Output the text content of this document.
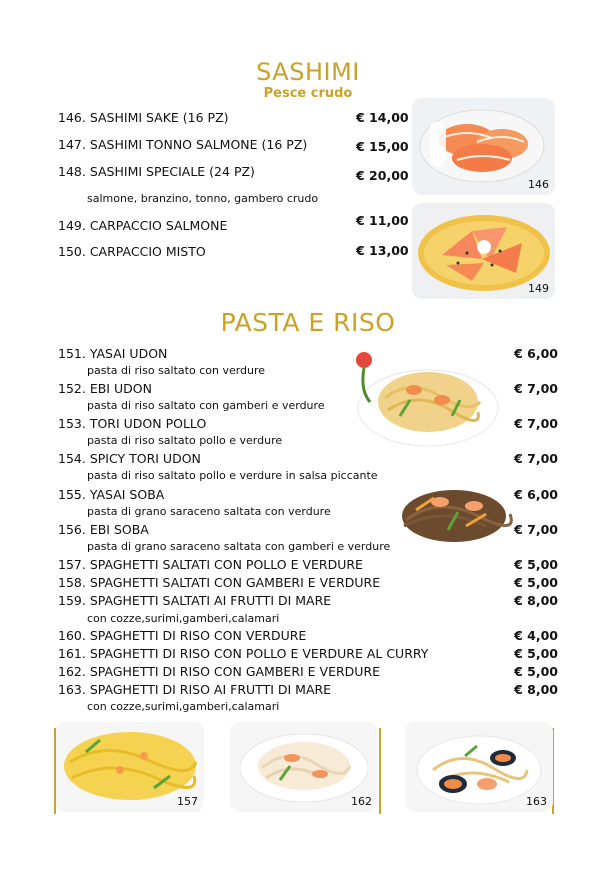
SASHIMI
Pesce crudo
146. SASHIMI SAKE (16 PZ)	€ 14,00
147. SASHIMI TONNO SALMONE (16 PZ)	€ 15,00
148. SASHIMI SPECIALE (24 PZ)	€ 20,00
salmone, branzino, tonno, gambero crudo
149. CARPACCIO SALMONE	€ 11,00
150. CARPACCIO MISTO	€ 13,00
146
149
PASTA E RISO
151. YASAI UDON	€ 6,00
pasta di riso saltato con verdure
152. EBI UDON	€ 7,00
pasta di riso saltato con gamberi e verdure
153. TORI UDON POLLO	€ 7,00
pasta di riso saltato pollo e verdure
154. SPICY TORI UDON	€ 7,00
pasta di riso saltato pollo e verdure in salsa piccante
155. YASAI SOBA	€ 6,00
pasta di grano saraceno saltata con verdure
156. EBI SOBA	€ 7,00
pasta di grano saraceno saltata con gamberi e verdure
157. SPAGHETTI SALTATI CON POLLO E VERDURE	€ 5,00
158. SPAGHETTI SALTATI CON GAMBERI E VERDURE	€ 5,00
159. SPAGHETTI SALTATI AI FRUTTI DI MARE	€ 8,00
con cozze,surimi,gamberi,calamari
160. SPAGHETTI DI RISO CON VERDURE	€ 4,00
161. SPAGHETTI DI RISO CON POLLO E VERDURE AL CURRY	€ 5,00
162. SPAGHETTI DI RISO CON GAMBERI E VERDURE	€ 5,00
163. SPAGHETTI DI RISO AI FRUTTI DI MARE	€ 8,00
con cozze,surimi,gamberi,calamari
157	162	163
